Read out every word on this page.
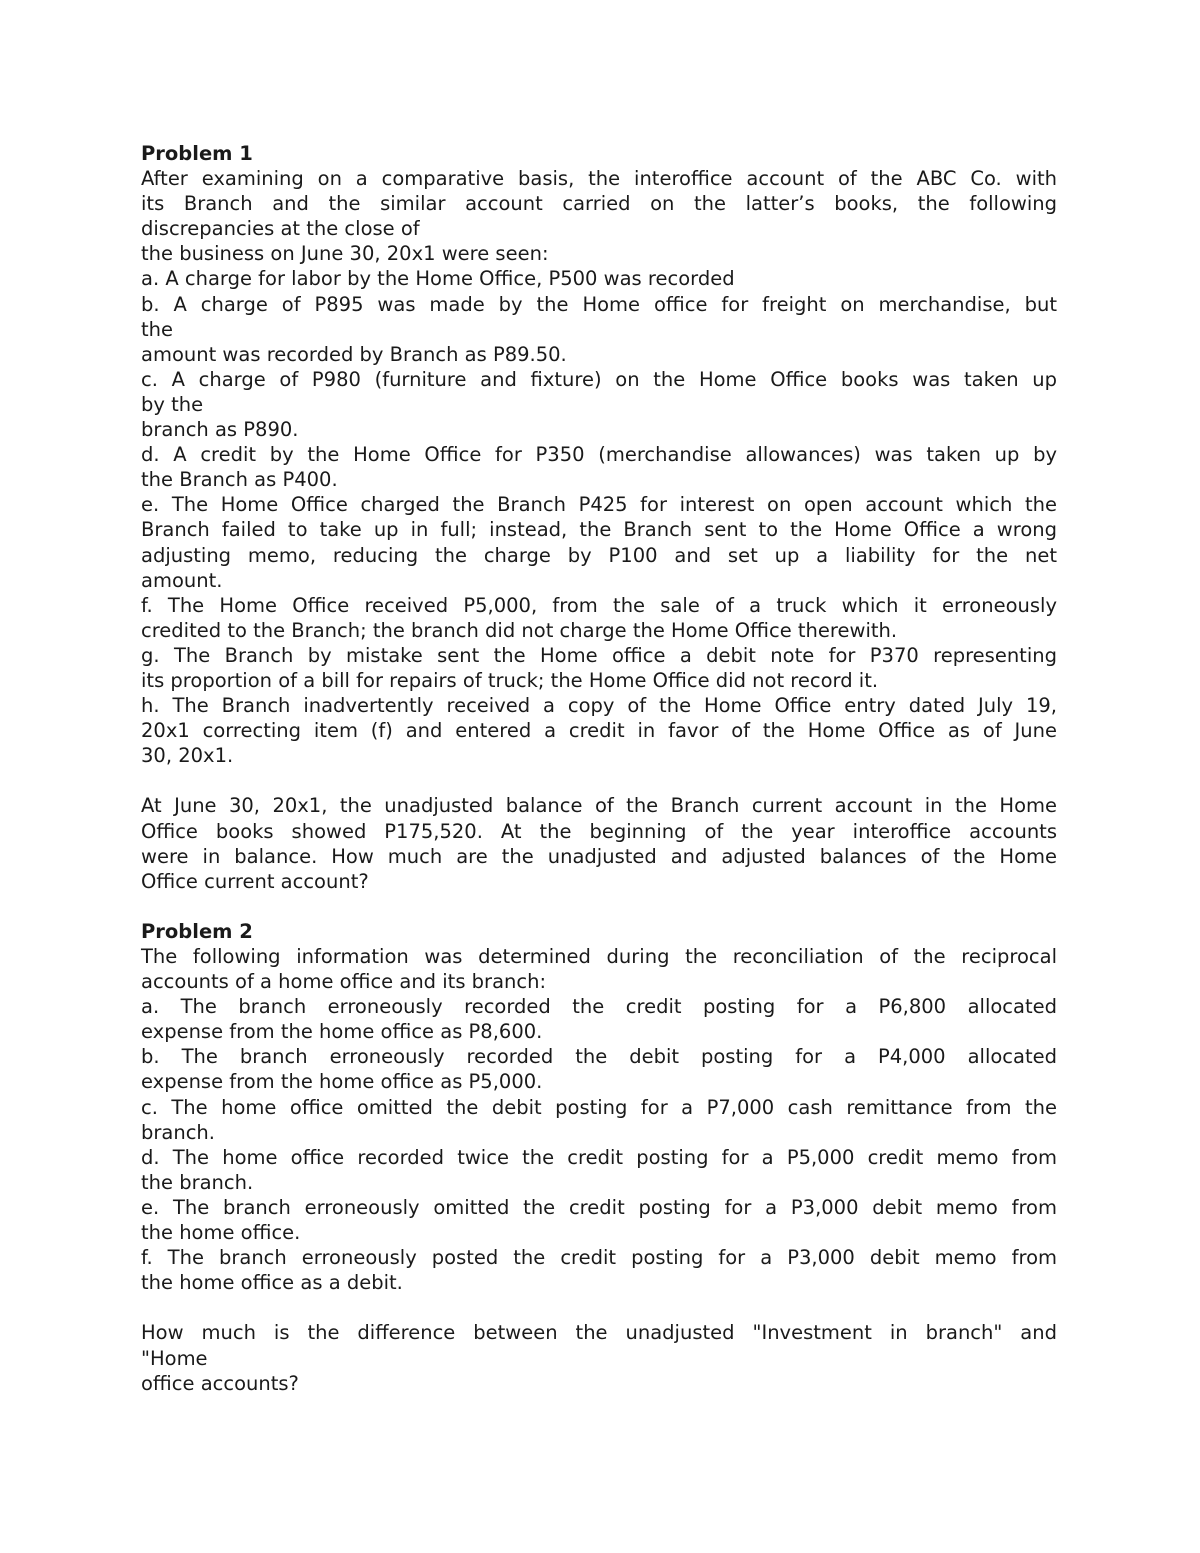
Problem 1
After examining on a comparative basis, the interoffice account of the ABC Co. with
its Branch and the similar account carried on the latter’s books, the following
discrepancies at the close of
the business on June 30, 20x1 were seen:
a. A charge for labor by the Home Office, P500 was recorded
b. A charge of P895 was made by the Home office for freight on merchandise, but
the
amount was recorded by Branch as P89.50.
c. A charge of P980 (furniture and fixture) on the Home Office books was taken up
by the
branch as P890.
d. A credit by the Home Office for P350 (merchandise allowances) was taken up by
the Branch as P400.
e. The Home Office charged the Branch P425 for interest on open account which the
Branch failed to take up in full; instead, the Branch sent to the Home Office a wrong
adjusting memo, reducing the charge by P100 and set up a liability for the net
amount.
f. The Home Office received P5,000, from the sale of a truck which it erroneously
credited to the Branch; the branch did not charge the Home Office therewith.
g. The Branch by mistake sent the Home office a debit note for P370 representing
its proportion of a bill for repairs of truck; the Home Office did not record it.
h. The Branch inadvertently received a copy of the Home Office entry dated July 19,
20x1 correcting item (f) and entered a credit in favor of the Home Office as of June
30, 20x1.
At June 30, 20x1, the unadjusted balance of the Branch current account in the Home
Office books showed P175,520. At the beginning of the year interoffice accounts
were in balance. How much are the unadjusted and adjusted balances of the Home
Office current account?
Problem 2
The following information was determined during the reconciliation of the reciprocal
accounts of a home office and its branch:
a. The branch erroneously recorded the credit posting for a P6,800 allocated
expense from the home office as P8,600.
b. The branch erroneously recorded the debit posting for a P4,000 allocated
expense from the home office as P5,000.
c. The home office omitted the debit posting for a P7,000 cash remittance from the
branch.
d. The home office recorded twice the credit posting for a P5,000 credit memo from
the branch.
e. The branch erroneously omitted the credit posting for a P3,000 debit memo from
the home office.
f. The branch erroneously posted the credit posting for a P3,000 debit memo from
the home office as a debit.
How much is the difference between the unadjusted "Investment in branch" and
"Home
office accounts?
